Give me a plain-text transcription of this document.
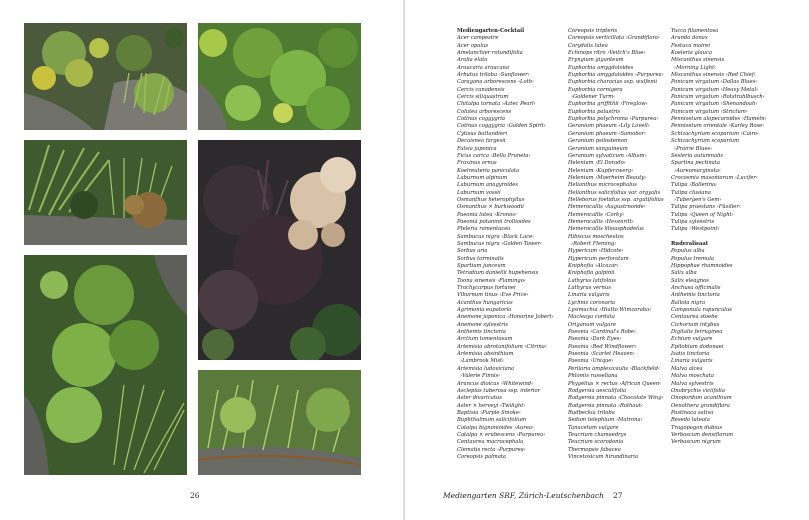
26
Mediengarten-Cocktail
Acer campestre
Acer opalus
Amelanchier rotundifolia
Aralia elata
Araucaria araucana
Arbutus triloba ›Sunflower‹
Caragana arborescens ›Loth‹
Cercis canadensis
Cercis siliquastrum
Chitalpa tornata ›Aztec Pearl‹
Colutea arborescens
Cotinus coggygria
Cotinus coggygria ›Golden Spirit‹
Cytisus battandieri
Decaisnea fargesii
Fatsia japonica
Ficus carica ›Bella Pruneta‹
Fraxinus ornus
Koelreuteria paniculata
Laburnum alpinum
Laburnum anagyroides
Laburnum vossii
Osmanthus heterophyllus
Osmanthus × burkwoodii
Paeonia lutea ›Kronos‹
Paeonia potaninii trollioides
Pteleria ramentacea
Sambucus nigra ›Black Lace‹
Sambucus nigra ›Golden Tower‹
Sorbus aria
Sorbus torminalis
Spartium junceum
Tetradium daniellii hupehensis
Toona sinensis ›Flamingo‹
Trachycarpus fortunei
Viburnum tinus ›Eve Price‹
Acanthus hungaricus
Agrimonia eupatoria
Anemone japonica ›Honorine Jobert‹
Anemone sylvestris
Anthemis tinctoria
Arctium tomentosum
Artemisia abrotanifolium ›Citrina‹
Artemisia absinthium
›Lambrook Mist‹
Artemisia ludoviciana
›Valerie Finnis‹
Aruncus dioicus ›Whitewind‹
Asclepias tuberosa ssp. interior
Aster divaricatus
Aster × herveyi ›Twilight‹
Baptisia ›Purple Smoke‹
Buphthalmum salicifolium
Catalpa bignonioides ›Aurea‹
Catalpa × erubescens ›Purpurea‹
Centaurea macrocephala
Clematis recta ›Purpurea‹
Coreopsis palmata
Coreopsis tripteris
Coreopsis verticillata ›Grandiflora‹
Corydalis lutea
Echinops ritro ›Veitch's Blue‹
Eryngium giganteum
Euphorbia amygdaloides
Euphorbia amygdaloides ›Purpurea‹
Euphorbia characias ssp. wulfenii
Euphorbia cornigera
›Goldener Turm‹
Euphorbia griffithii ›Fireglow‹
Euphorbia palustris
Euphorbia polychroma ›Purpurea‹
Geranium phaeum ›Lily Lovell‹
Geranium phaeum ›Samobor‹
Geranium psilostemon
Geranium sanguineum
Geranium sylvaticum ›Album‹
Helenium ›El Dorado‹
Helenium ›Kupferzwerg‹
Helenium ›Moerheim Beauty‹
Helianthus microcephalus
Helianthus salicifolius var. orgyalis
Helleborus foetidus ssp. argutifolius
Hemerocallis ›Augustrnonde‹
Hemerocallis ›Corky‹
Hemerocallis ›Hexenritt‹
Hemerocallis lilioasphodelus
Hibiscus moscheutos
›Robert Fleming‹
Hypericum ›Hidcote‹
Hypericum perforatum
Kniphofia ›Alcazar‹
Kniphofia galpinii
Lathyrus latifolius
Lathyrus vernus
Linaria vulgaris
Lychnis coronaria
Lysimachia ›Hiatto Wimzoraba‹
Macleaya cordata
Origanum vulgare
Paeonia ›Cardinal's Robe‹
Paeonia ›Dark Eyes‹
Paeonia ›Red Windflower‹
Paeonia ›Scarlet Heaven‹
Paeonia ›Unique‹
Perilaria amplexicaulis ›Blackfield‹
Phlomis russeliana
Phygelius × rectus ›African Queen‹
Rodgersia aesculifolia
Rodgersia pinnata ›Chocolate Wing‹
Rodgersia pinnata ›Rothaut‹
Rudbeckia triloba
Sedum telephium ›Matrona‹
Tanacetum vulgare
Teucrium chamaedrys
Teucrium scorodonia
Thermopsis fabacea
Vincetoxicum hirundinaria
Yucca filamentosa
Arundo donax
Festuca mairei
Koeleria glauca
Miscanthus sinensis
›Morning Light‹
Miscanthus sinensis ›Red Chief‹
Panicum virgatum ›Dallas Blues‹
Panicum virgatum ›Heavy Metal‹
Panicum virgatum ›Rotstrahlbusch‹
Panicum virgatum ›Shenandoah‹
Panicum virgatum ›Strictum‹
Pennisetum alopecuroides ›Hameln‹
Pennisetum orientale ›Karley Rose‹
Schizachyrium scoparium ›Cairo‹
Schizachyrium scoparium
›Prairie Blues‹
Sesleria autumnalis
Spartina pectinata
›Aureomarginata‹
Crocosmia masoniorum ›Lucifer‹
Tulipa ›Ballerina‹
Tulipa clusiana
›Tubergen's Gem‹
Tulipa praestans ›Füsilier‹
Tulipa ›Queen of Night‹
Tulipa sylvestris
Tulipa ›Westpoint‹
Ruderalisaat
Populus alba
Populus tremula
Hippophae rhamnoides
Salix alba
Salix eleagnos
Anchusa officinalis
Anthemis tinctoria
Ballota nigra
Campanula rapunculus
Centaurea stoebe
Cichorium intybus
Digitalis ferruginea
Echium vulgare
Epilobium dodonaei
Isatis tinctoria
Linaria vulgaris
Malva alcea
Malva moschata
Malva sylvestris
Onobrychis viciifolia
Onopordum acanthium
Oenothera grandiflora
Pastinaca sativa
Reseda luteola
Tragopogon dubius
Verbascum densiflorum
Verbascum nigrum
Mediengarten SRF, Zürich-Leutschenbach 27
